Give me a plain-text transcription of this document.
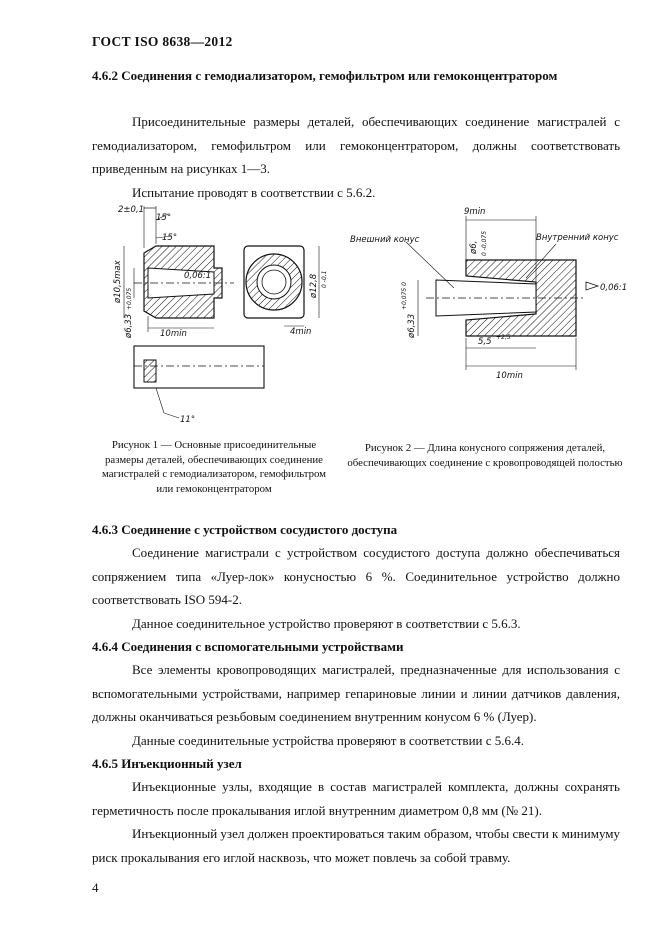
ГОСТ ISO 8638—2012
4.6.2 Соединения с гемодиализатором, гемофильтром или гемоконцентратором
Присоединительные размеры деталей, обеспечивающих соединение магистралей с гемодиализатором, гемофильтром или гемоконцентратором, должны соответствовать приведенным на рисунках 1—3.
Испытание проводят в соответствии с 5.6.2.
2±0,1
15°
15°
0,06:1
10min	4min
11°
ø10,5max
ø6,33
+0,075
ø12,8 0 -0,1
9min
Внешний конус	Внутренний конус
0,06:1
5,5 +2,5
10min
ø6, 0 -0,075
ø6,33
+0,075 0
Рисунок 1 — Основные присоединительные размеры деталей, обеспечивающих соединение магистралей с гемодиализатором, гемофильтром или гемоконцентратором
Рисунок 2 — Длина конусного сопряжения деталей, обеспечивающих соединение с кровопроводящей полостью
4.6.3 Соединение с устройством сосудистого доступа
Соединение магистрали с устройством сосудистого доступа должно обеспечиваться сопряжением типа «Луер-лок» конусностью 6 %. Соединительное устройство должно соответствовать ISO 594-2.
Данное соединительное устройство проверяют в соответствии с 5.6.3.
4.6.4 Соединения с вспомогательными устройствами
Все элементы кровопроводящих магистралей, предназначенные для использования с вспомогательными устройствами, например гепариновые линии и линии датчиков давления, должны оканчиваться резьбовым соединением внутренним конусом 6 % (Луер).
Данные соединительные устройства проверяют в соответствии с 5.6.4.
4.6.5 Инъекционный узел
Инъекционные узлы, входящие в состав магистралей комплекта, должны сохранять герметичность после прокалывания иглой внутренним диаметром 0,8 мм (№ 21).
Инъекционный узел должен проектироваться таким образом, чтобы свести к минимуму риск прокалывания его иглой насквозь, что может повлечь за собой травму.
4
